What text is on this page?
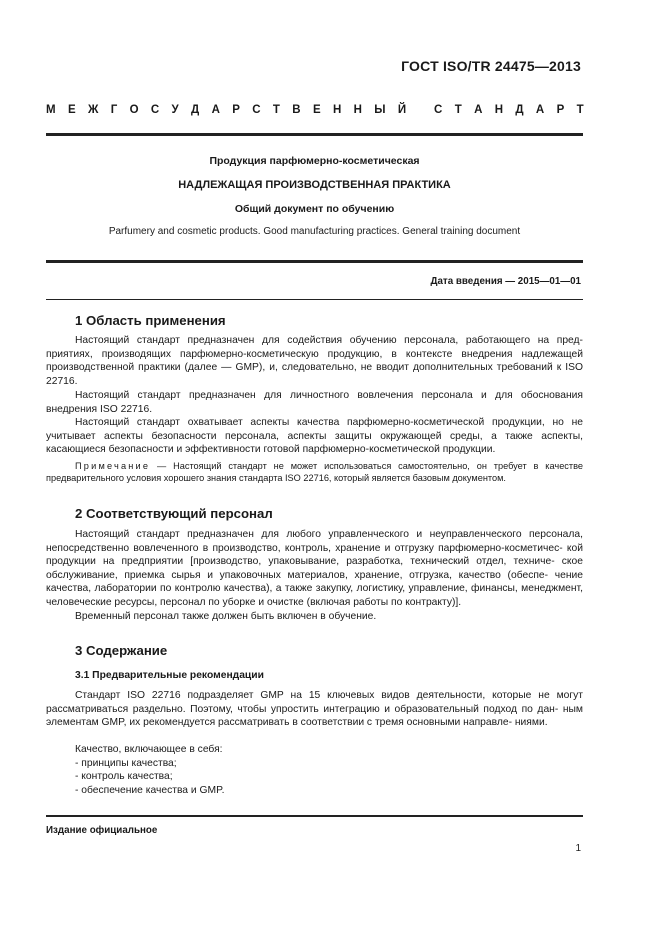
ГОСТ ISO/TR 24475—2013
М Е Ж Г О С У Д А Р С Т В Е Н Н Ы Й
С Т А Н Д А Р Т
Продукция парфюмерно-косметическая
НАДЛЕЖАЩАЯ ПРОИЗВОДСТВЕННАЯ ПРАКТИКА
Общий документ по обучению
Parfumery and cosmetic products. Good manufacturing practices. General training document
Дата введения — 2015—01—01
1 Область применения

Настоящий стандарт предназначен для содействия обучению персонала, работающего на пред- приятиях, производящих парфюмерно-косметическую продукцию, в контексте внедрения надлежащей производственной практики (далее — GMP), и, следовательно, не вводит дополнительных требований к ISO 22716.

Настоящий стандарт предназначен для личностного вовлечения персонала и для обоснования внедрения ISO 22716.

Настоящий стандарт охватывает аспекты качества парфюмерно-косметической продукции, но не учитывает аспекты безопасности персонала, аспекты защиты окружающей среды, а также аспекты, касающиеся безопасности и эффективности готовой парфюмерно-косметической продукции.

Примечание — Настоящий стандарт не может использоваться самостоятельно, он требует в качестве предварительного условия хорошего знания стандарта ISO 22716, который является базовым документом.

2 Соответствующий персонал

Настоящий стандарт предназначен для любого управленческого и неуправленческого персонала, непосредственно вовлеченного в производство, контроль, хранение и отгрузку парфюмерно-косметичес- кой продукции на предприятии [производство, упаковывание, разработка, технический отдел, техниче- ское обслуживание, приемка сырья и упаковочных материалов, хранение, отгрузка, качество (обеспе- чение качества, лаборатории по контролю качества), а также закупку, логистику, управление, финансы, менеджмент, человеческие ресурсы, персонал по уборке и очистке (включая работы по контракту)].

Временный персонал также должен быть включен в обучение.

3 Содержание
3.1 Предварительные рекомендации

Стандарт ISO 22716 подразделяет GMP на 15 ключевых видов деятельности, которые не могут рассматриваться раздельно. Поэтому, чтобы упростить интеграцию и образовательный подход по дан- ным элементам GMP, их рекомендуется рассматривать в соответствии с тремя основными направле- ниями.

Качество, включающее в себя:
- принципы качества;
- контроль качества;
- обеспечение качества и GMP.
Издание официальное
1
